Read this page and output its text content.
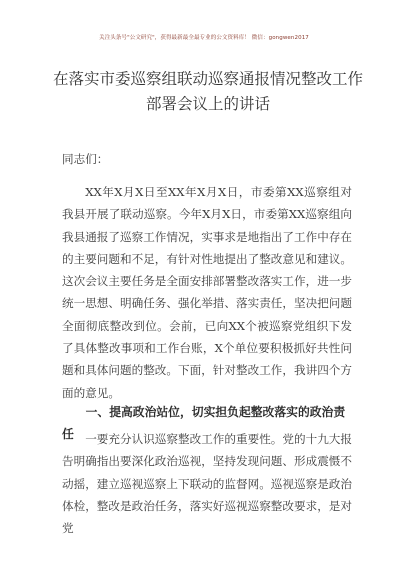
关注头条号"公文研究"，获得最新最全最专业的公文资料库！ 微信：gongwen2017
在落实市委巡察组联动巡察通报情况整改工作部署会议上的讲话
同志们：
XX年X月X日至XX年X月X日，市委第XX巡察组对我县开展了联动巡察。今年X月X日，市委第XX巡察组向我县通报了巡察工作情况，实事求是地指出了工作中存在的主要问题和不足，有针对性地提出了整改意见和建议。这次会议主要任务是全面安排部署整改落实工作，进一步统一思想、明确任务、强化举措、落实责任，坚决把问题全面彻底整改到位。会前，已向XX个被巡察党组织下发了具体整改事项和工作台账，X个单位要积极抓好共性问题和具体问题的整改。下面，针对整改工作，我讲四个方面的意见。
一、提高政治站位，切实担负起整改落实的政治责任 一要充分认识巡察整改工作的重要性。党的十九大报告明确指出要深化政治巡视，坚持发现问题、形成震慑不动摇，建立巡视巡察上下联动的监督网。巡视巡察是政治体检，整改是政治任务，落实好巡视巡察整改要求，是对党
